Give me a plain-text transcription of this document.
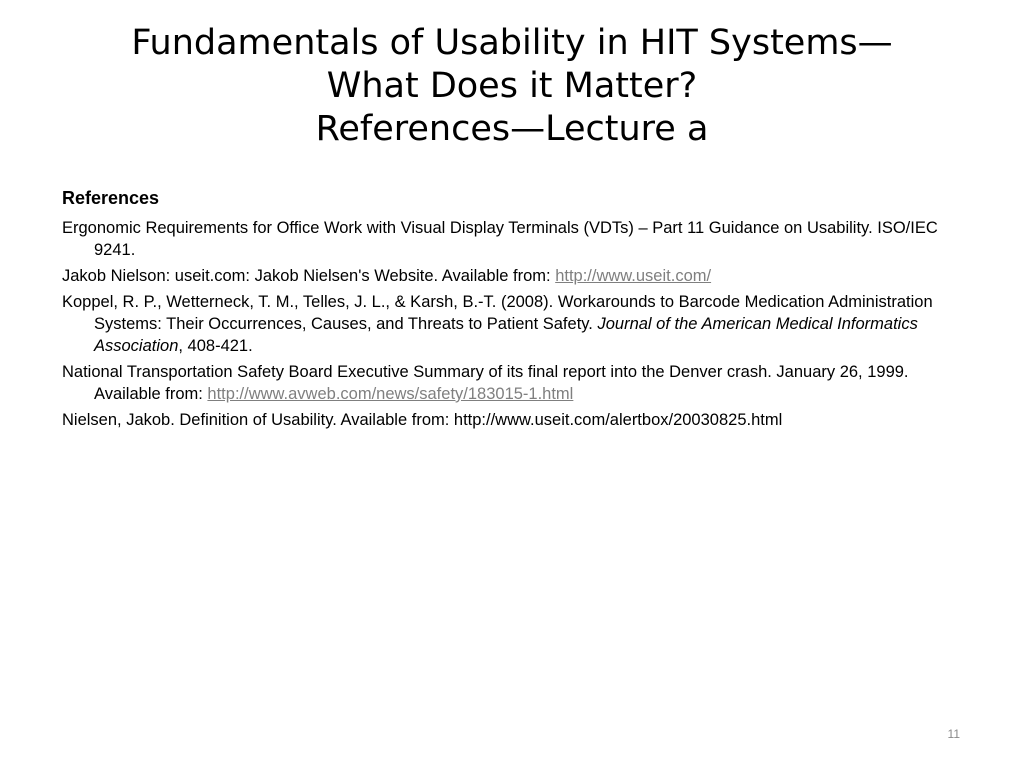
Fundamentals of Usability in HIT Systems—
What Does it Matter?
References—Lecture a
References
Ergonomic Requirements for Office Work with Visual Display Terminals (VDTs) – Part 11 Guidance on Usability. ISO/IEC 9241.
Jakob Nielson: useit.com: Jakob Nielsen's Website. Available from: http://www.useit.com/
Koppel, R. P., Wetterneck, T. M., Telles, J. L., & Karsh, B.-T. (2008). Workarounds to Barcode Medication Administration Systems: Their Occurrences, Causes, and Threats to Patient Safety. Journal of the American Medical Informatics Association, 408-421.
National Transportation Safety Board Executive Summary of its final report into the Denver crash. January 26, 1999. Available from: http://www.avweb.com/news/safety/183015-1.html
Nielsen, Jakob. Definition of Usability. Available from: http://www.useit.com/alertbox/20030825.html
11
